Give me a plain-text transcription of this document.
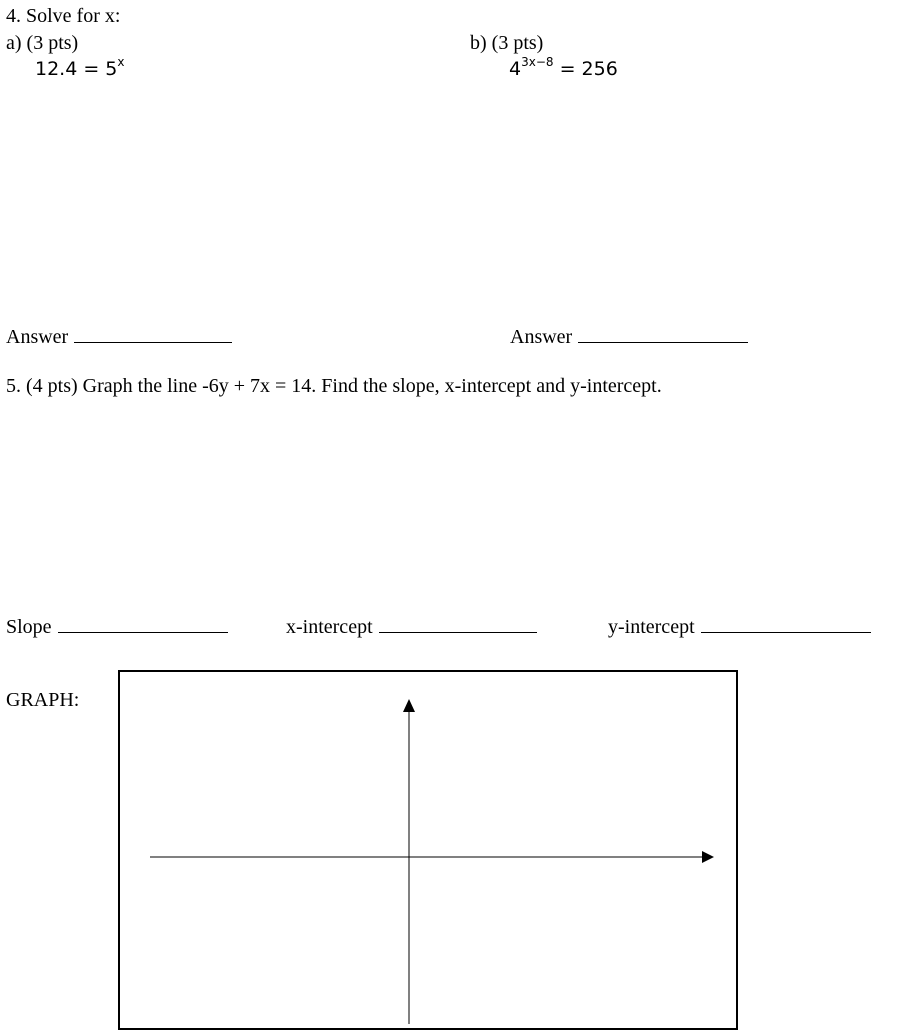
4. Solve for x:
a) (3 pts)
$12.4 = 5^x$
b) (3 pts)
$4^{3x-8} = 256$
Answer	Answer
5. (4 pts) Graph the line -6y + 7x = 14. Find the slope, x-intercept and y-intercept.
Slope	x-intercept	y-intercept
GRAPH:
